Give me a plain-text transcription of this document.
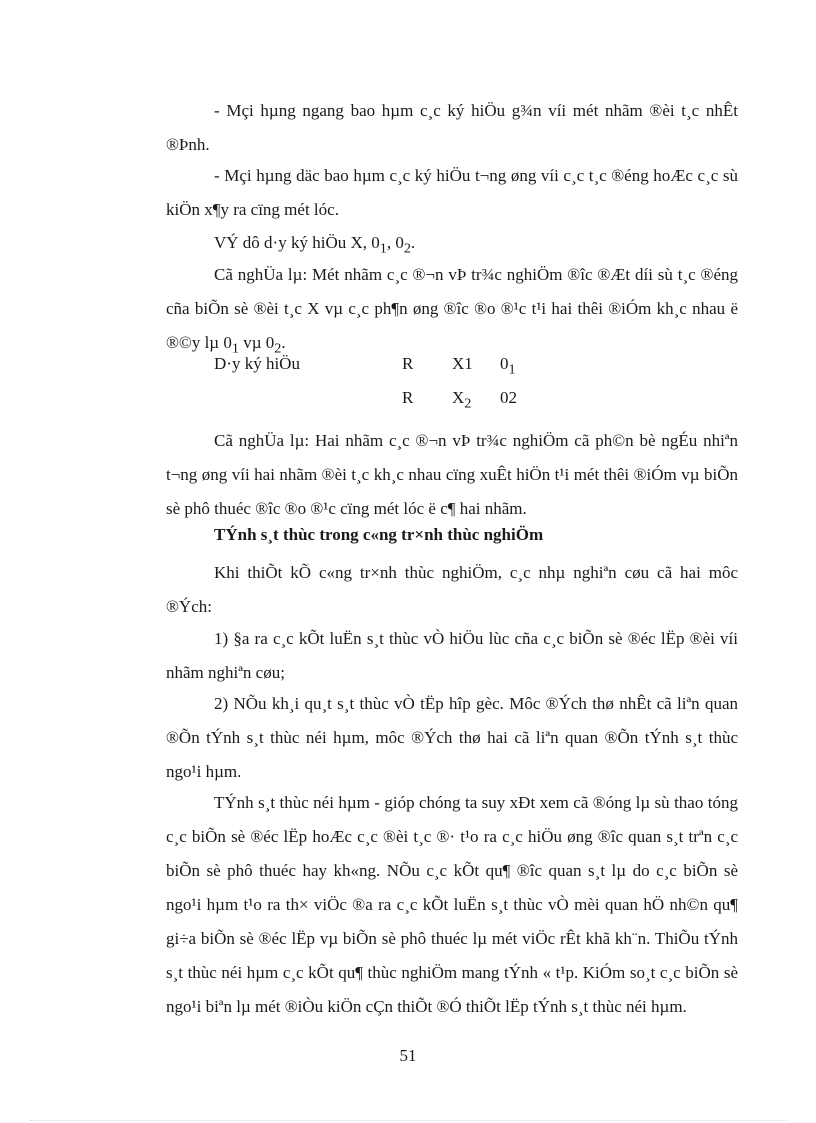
- Mçi hµng ngang bao hµm c¸c ký hiÖu g¾n víi mét nhãm ®èi t¸c nhÊt ®Þnh.

- Mçi hµng däc bao hµm c¸c ký hiÖu t¬ng øng víi c¸c t¸c ®éng hoÆc c¸c sù kiÖn x¶y ra cïng mét lóc.

VÝ dô d·y ký hiÖu X, $0_1$, $0_2$.

Cã nghÜa lµ: Mét nhãm c¸c ®¬n vÞ tr¾c nghiÖm ®îc ®Æt díi sù t¸c ®éng cña biÕn sè ®èi t¸c X vµ c¸c ph¶n øng ®îc ®o ®¹c t¹i hai thêi ®iÓm kh¸c nhau ë ®©y lµ $0_1$ vµ $0_2$.

D·y ký hiÖu	R X1 $0_1$
R $X_2$ 02

Cã nghÜa lµ: Hai nhãm c¸c ®¬n vÞ tr¾c nghiÖm cã ph©n bè ngÉu nhiªn t¬ng øng víi hai nhãm ®èi t¸c kh¸c nhau cïng xuÊt hiÖn t¹i mét thêi ®iÓm vµ biÕn sè phô thuéc ®îc ®o ®¹c cïng mét lóc ë c¶ hai nhãm.

TÝnh s¸t thùc trong c«ng tr×nh thùc nghiÖm

Khi thiÕt kÕ c«ng tr×nh thùc nghiÖm, c¸c nhµ nghiªn cøu cã hai môc ®Ých:

1) §a ra c¸c kÕt luËn s¸t thùc vÒ hiÖu lùc cña c¸c biÕn sè ®éc lËp ®èi víi nhãm nghiªn cøu;

2) NÕu kh¸i qu¸t s¸t thùc vÒ tËp hîp gèc. Môc ®Ých thø nhÊt cã liªn quan ®Õn tÝnh s¸t thùc néi hµm, môc ®Ých thø hai cã liªn quan ®Õn tÝnh s¸t thùc ngo¹i hµm.

TÝnh s¸t thùc néi hµm - gióp chóng ta suy xÐt xem cã ®óng lµ sù thao tóng c¸c biÕn sè ®éc lËp hoÆc c¸c ®èi t¸c ®· t¹o ra c¸c hiÖu øng ®îc quan s¸t trªn c¸c biÕn sè phô thuéc hay kh«ng. NÕu c¸c kÕt qu¶ ®îc quan s¸t lµ do c¸c biÕn sè ngo¹i hµm t¹o ra th× viÖc ®a ra c¸c kÕt luËn s¸t thùc vÒ mèi quan hÖ nh©n qu¶ gi÷a biÕn sè ®éc lËp vµ biÕn sè phô thuéc lµ mét viÖc rÊt khã kh¨n. ThiÕu tÝnh s¸t thùc néi hµm c¸c kÕt qu¶ thùc nghiÖm mang tÝnh « t¹p. KiÓm so¸t c¸c biÕn sè ngo¹i biªn lµ mét ®iÒu kiÖn cÇn thiÕt ®Ó thiÕt lËp tÝnh s¸t thùc néi hµm.

51
